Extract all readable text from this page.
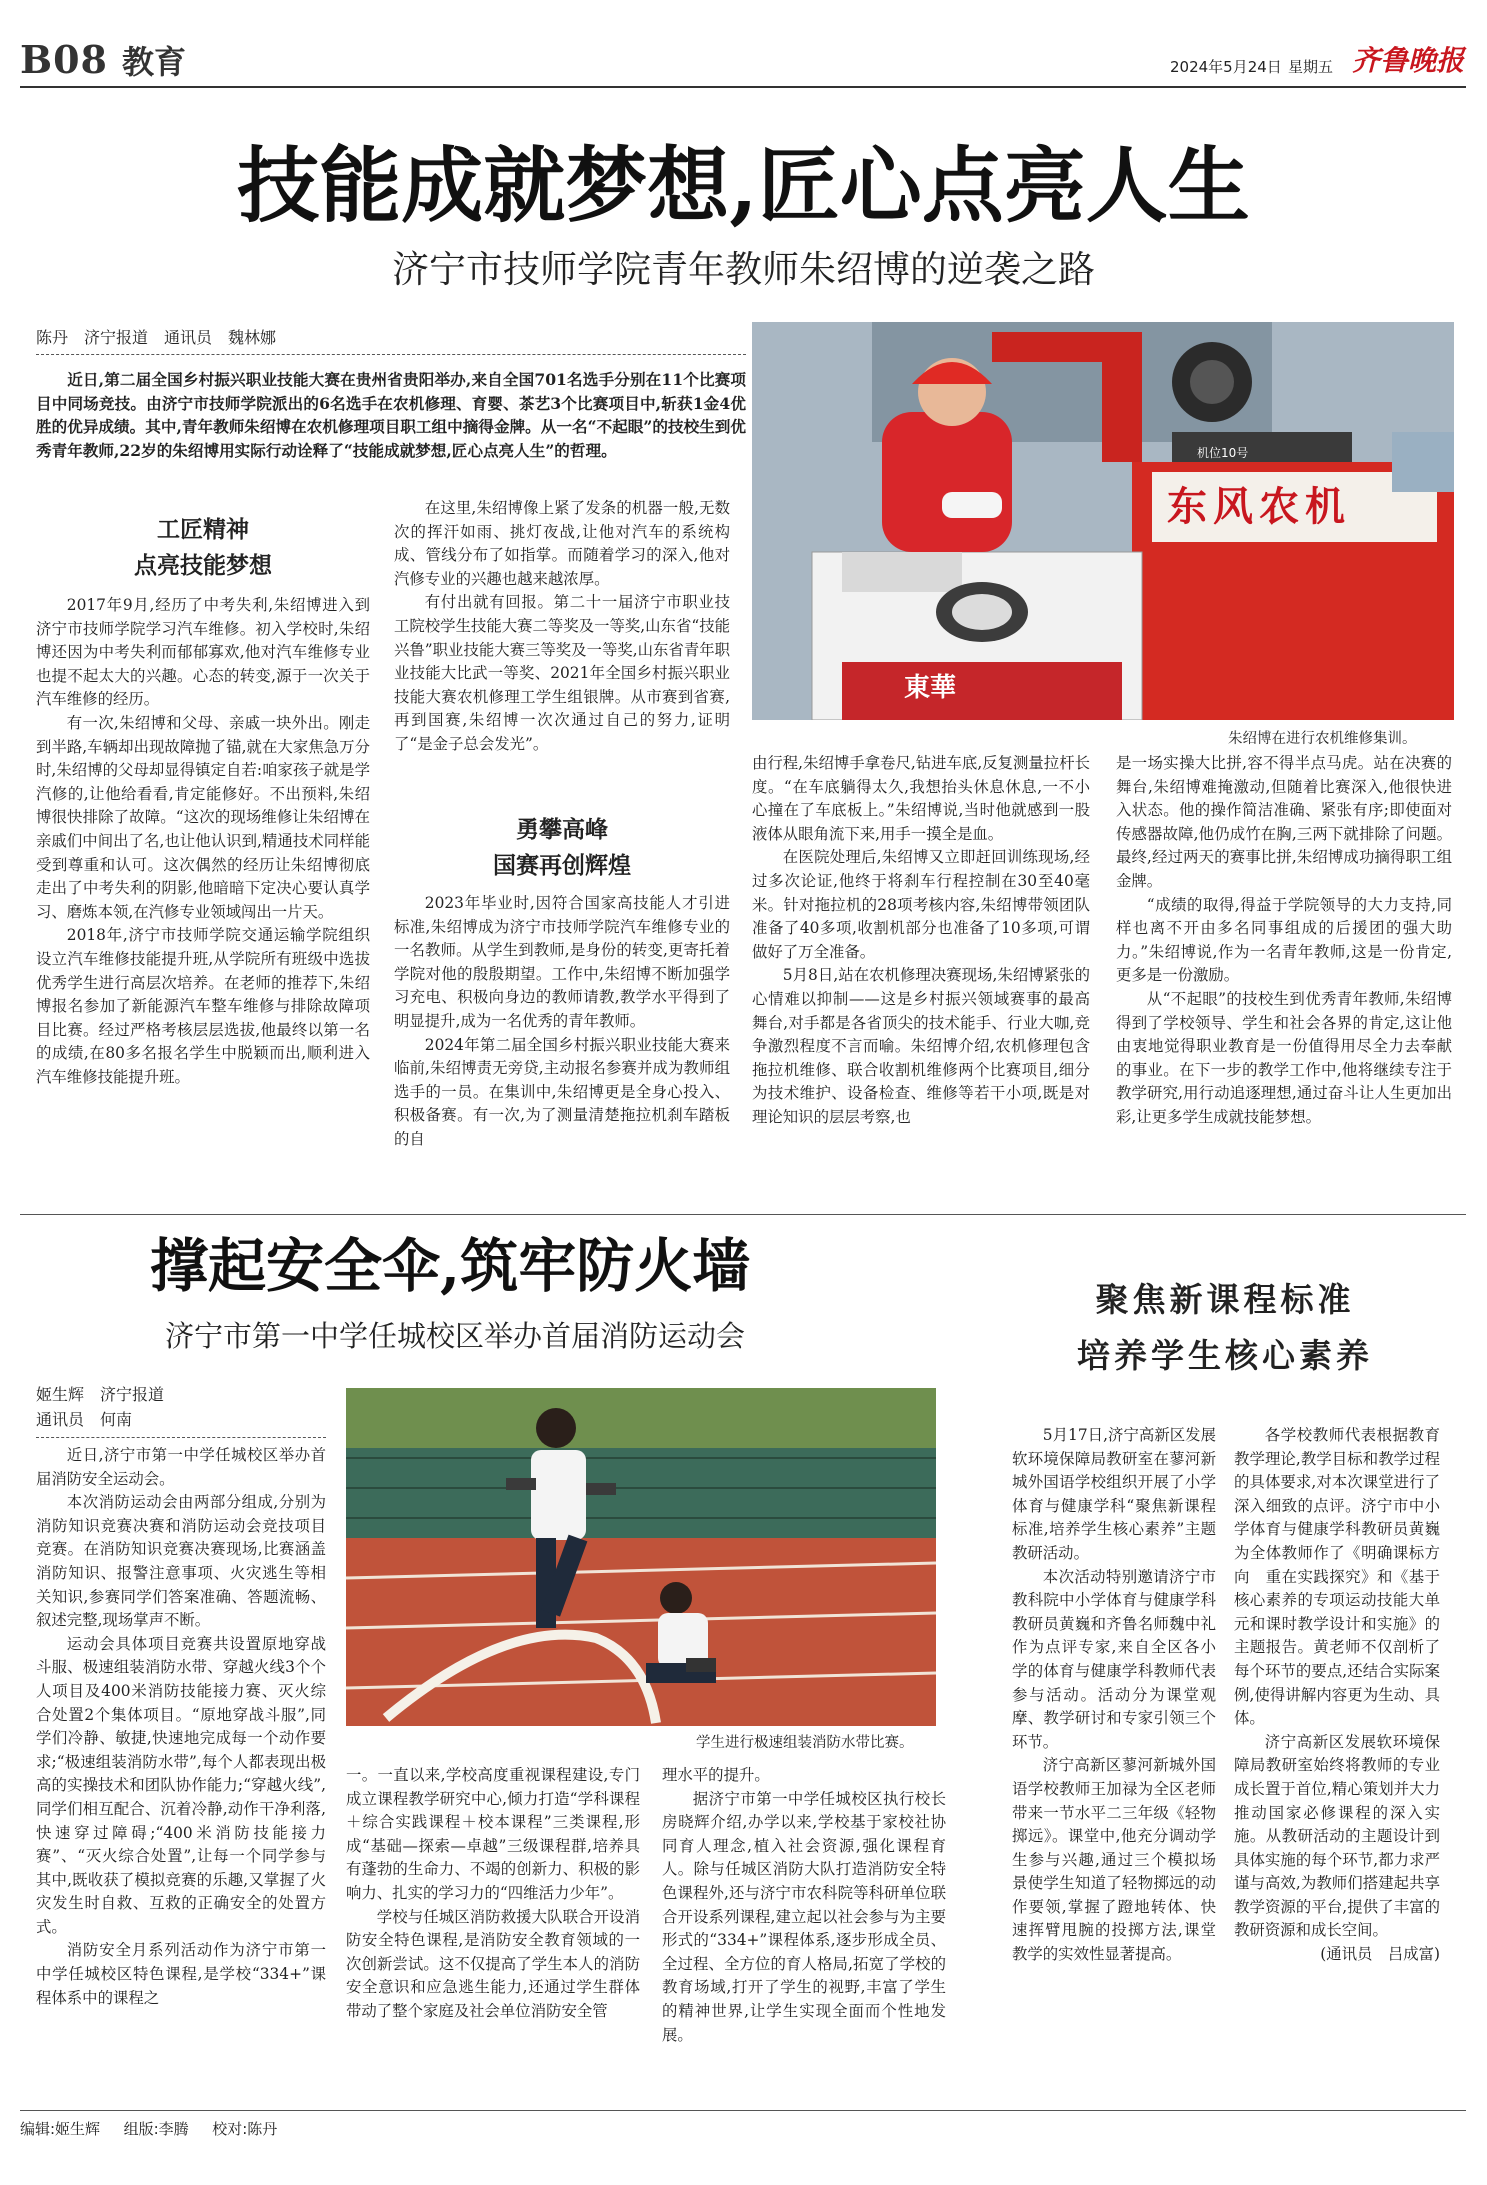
B08 教育	2024年5月24日 星期五 齐鲁晚报
技能成就梦想,匠心点亮人生
济宁市技师学院青年教师朱绍博的逆袭之路
陈丹　济宁报道　通讯员　魏林娜

近日,第二届全国乡村振兴职业技能大赛在贵州省贵阳举办,来自全国701名选手分别在11个比赛项目中同场竞技。由济宁市技师学院派出的6名选手在农机修理、育婴、茶艺3个比赛项目中,斩获1金4优胜的优异成绩。其中,青年教师朱绍博在农机修理项目职工组中摘得金牌。从一名“不起眼”的技校生到优秀青年教师,22岁的朱绍博用实际行动诠释了“技能成就梦想,匠心点亮人生”的哲理。

工匠精神
点亮技能梦想

2017年9月,经历了中考失利,朱绍博进入到济宁市技师学院学习汽车维修。初入学校时,朱绍博还因为中考失利而郁郁寡欢,他对汽车维修专业也提不起太大的兴趣。心态的转变,源于一次关于汽车维修的经历。

有一次,朱绍博和父母、亲戚一块外出。刚走到半路,车辆却出现故障抛了锚,就在大家焦急万分时,朱绍博的父母却显得镇定自若:咱家孩子就是学汽修的,让他给看看,肯定能修好。不出预料,朱绍博很快排除了故障。“这次的现场维修让朱绍博在亲戚们中间出了名,也让他认识到,精通技术同样能受到尊重和认可。这次偶然的经历让朱绍博彻底走出了中考失利的阴影,他暗暗下定决心要认真学习、磨炼本领,在汽修专业领域闯出一片天。

2018年,济宁市技师学院交通运输学院组织设立汽车维修技能提升班,从学院所有班级中选拔优秀学生进行高层次培养。在老师的推荐下,朱绍博报名参加了新能源汽车整车维修与排除故障项目比赛。经过严格考核层层选拔,他最终以第一名的成绩,在80多名报名学生中脱颖而出,顺利进入汽车维修技能提升班。

在这里,朱绍博像上紧了发条的机器一般,无数次的挥汗如雨、挑灯夜战,让他对汽车的系统构成、管线分布了如指掌。而随着学习的深入,他对汽修专业的兴趣也越来越浓厚。

有付出就有回报。第二十一届济宁市职业技工院校学生技能大赛二等奖及一等奖,山东省“技能兴鲁”职业技能大赛三等奖及一等奖,山东省青年职业技能大比武一等奖、2021年全国乡村振兴职业技能大赛农机修理工学生组银牌。从市赛到省赛,再到国赛,朱绍博一次次通过自己的努力,证明了“是金子总会发光”。

勇攀高峰
国赛再创辉煌

2023年毕业时,因符合国家高技能人才引进标准,朱绍博成为济宁市技师学院汽车维修专业的一名教师。从学生到教师,是身份的转变,更寄托着学院对他的殷殷期望。工作中,朱绍博不断加强学习充电、积极向身边的教师请教,教学水平得到了明显提升,成为一名优秀的青年教师。

2024年第二届全国乡村振兴职业技能大赛来临前,朱绍博责无旁贷,主动报名参赛并成为教师组选手的一员。在集训中,朱绍博更是全身心投入、积极备赛。有一次,为了测量清楚拖拉机刹车踏板的自

机位10号
东风农机
東華
朱绍博在进行农机维修集训。

由行程,朱绍博手拿卷尺,钻进车底,反复测量拉杆长度。“在车底躺得太久,我想抬头休息休息,一不小心撞在了车底板上。”朱绍博说,当时他就感到一股液体从眼角流下来,用手一摸全是血。

在医院处理后,朱绍博又立即赶回训练现场,经过多次论证,他终于将刹车行程控制在30至40毫米。针对拖拉机的28项考核内容,朱绍博带领团队准备了40多项,收割机部分也准备了10多项,可谓做好了万全准备。

5月8日,站在农机修理决赛现场,朱绍博紧张的心情难以抑制——这是乡村振兴领域赛事的最高舞台,对手都是各省顶尖的技术能手、行业大咖,竞争激烈程度不言而喻。朱绍博介绍,农机修理包含拖拉机维修、联合收割机维修两个比赛项目,细分为技术维护、设备检查、维修等若干小项,既是对理论知识的层层考察,也

是一场实操大比拼,容不得半点马虎。站在决赛的舞台,朱绍博难掩激动,但随着比赛深入,他很快进入状态。他的操作简洁准确、紧张有序;即使面对传感器故障,他仍成竹在胸,三两下就排除了问题。最终,经过两天的赛事比拼,朱绍博成功摘得职工组金牌。

“成绩的取得,得益于学院领导的大力支持,同样也离不开由多名同事组成的后援团的强大助力。”朱绍博说,作为一名青年教师,这是一份肯定,更多是一份激励。

从“不起眼”的技校生到优秀青年教师,朱绍博得到了学校领导、学生和社会各界的肯定,这让他由衷地觉得职业教育是一份值得用尽全力去奉献的事业。在下一步的教学工作中,他将继续专注于教学研究,用行动追逐理想,通过奋斗让人生更加出彩,让更多学生成就技能梦想。

撑起安全伞,筑牢防火墙
济宁市第一中学任城校区举办首届消防运动会
姬生辉　济宁报道
通讯员　何南

近日,济宁市第一中学任城校区举办首届消防安全运动会。

本次消防运动会由两部分组成,分别为消防知识竞赛决赛和消防运动会竞技项目竞赛。在消防知识竞赛决赛现场,比赛涵盖消防知识、报警注意事项、火灾逃生等相关知识,参赛同学们答案准确、答题流畅、叙述完整,现场掌声不断。

运动会具体项目竞赛共设置原地穿战斗服、极速组装消防水带、穿越火线3个个人项目及400米消防技能接力赛、灭火综合处置2个集体项目。“原地穿战斗服”,同学们冷静、敏捷,快速地完成每一个动作要求;“极速组装消防水带”,每个人都表现出极高的实操技术和团队协作能力;“穿越火线”,同学们相互配合、沉着冷静,动作干净利落,快速穿过障碍;“400米消防技能接力赛”、“灭火综合处置”,让每一个同学参与其中,既收获了模拟竞赛的乐趣,又掌握了火灾发生时自救、互救的正确安全的处置方式。

消防安全月系列活动作为济宁市第一中学任城校区特色课程,是学校“334+”课程体系中的课程之

学生进行极速组装消防水带比赛。

一。一直以来,学校高度重视课程建设,专门成立课程教学研究中心,倾力打造“学科课程＋综合实践课程＋校本课程”三类课程,形成“基础—探索—卓越”三级课程群,培养具有蓬勃的生命力、不竭的创新力、积极的影响力、扎实的学习力的“四维活力少年”。

学校与任城区消防救援大队联合开设消防安全特色课程,是消防安全教育领域的一次创新尝试。这不仅提高了学生本人的消防安全意识和应急逃生能力,还通过学生群体带动了整个家庭及社会单位消防安全管

理水平的提升。

据济宁市第一中学任城校区执行校长房晓辉介绍,办学以来,学校基于家校社协同育人理念,植入社会资源,强化课程育人。除与任城区消防大队打造消防安全特色课程外,还与济宁市农科院等科研单位联合开设系列课程,建立起以社会参与为主要形式的“334+”课程体系,逐步形成全员、全过程、全方位的育人格局,拓宽了学校的教育场域,打开了学生的视野,丰富了学生的精神世界,让学生实现全面而个性地发展。

聚焦新课程标准
培养学生核心素养

5月17日,济宁高新区发展软环境保障局教研室在蓼河新城外国语学校组织开展了小学体育与健康学科“聚焦新课程标准,培养学生核心素养”主题教研活动。

本次活动特别邀请济宁市教科院中小学体育与健康学科教研员黄巍和齐鲁名师魏中礼作为点评专家,来自全区各小学的体育与健康学科教师代表参与活动。活动分为课堂观摩、教学研讨和专家引领三个环节。

济宁高新区蓼河新城外国语学校教师王加禄为全区老师带来一节水平二三年级《轻物掷远》。课堂中,他充分调动学生参与兴趣,通过三个模拟场景使学生知道了轻物掷远的动作要领,掌握了蹬地转体、快速挥臂甩腕的投掷方法,课堂教学的实效性显著提高。

各学校教师代表根据教育教学理论,教学目标和教学过程的具体要求,对本次课堂进行了深入细致的点评。济宁市中小学体育与健康学科教研员黄巍为全体教师作了《明确课标方向　重在实践探究》和《基于核心素养的专项运动技能大单元和课时教学设计和实施》的主题报告。黄老师不仅剖析了每个环节的要点,还结合实际案例,使得讲解内容更为生动、具体。

济宁高新区发展软环境保障局教研室始终将教师的专业成长置于首位,精心策划并大力推动国家必修课程的深入实施。从教研活动的主题设计到具体实施的每个环节,都力求严谨与高效,为教师们搭建起共享教学资源的平台,提供了丰富的教研资源和成长空间。

(通讯员　吕成富)
编辑:姬生辉 组版:李腾 校对:陈丹
